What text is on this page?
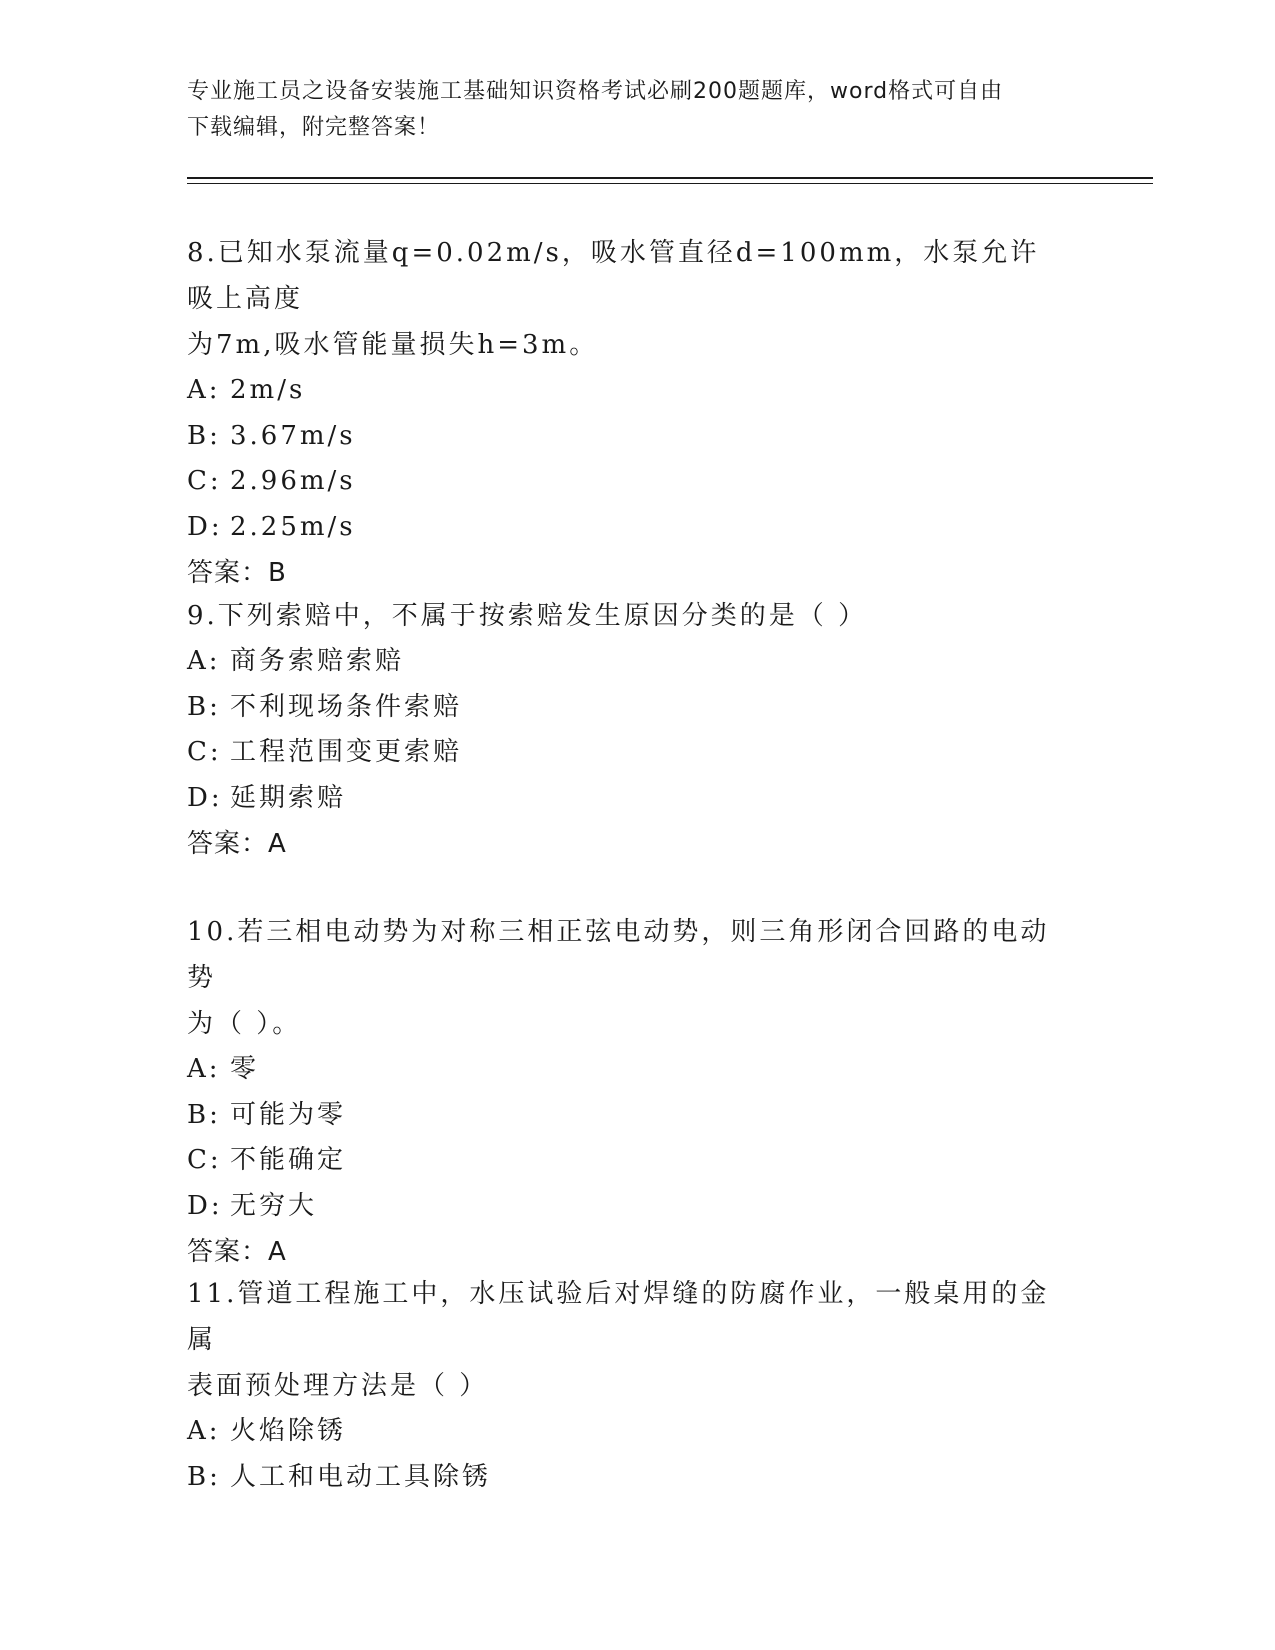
专业施工员之设备安装施工基础知识资格考试必刷200题题库，word格式可自由
下载编辑，附完整答案！
8.已知水泵流量q=0.02m/s，吸水管直径d=100mm，水泵允许吸上高度
为7m,吸水管能量损失h=3m。
A: 2m/s
B: 3.67m/s
C: 2.96m/s
D: 2.25m/s
答案：B
9.下列索赔中，不属于按索赔发生原因分类的是（ ）
A: 商务索赔索赔
B: 不利现场条件索赔
C: 工程范围变更索赔
D: 延期索赔
答案：A
10.若三相电动势为对称三相正弦电动势，则三角形闭合回路的电动势
为（ ）。
A: 零
B: 可能为零
C: 不能确定
D: 无穷大
答案：A
11.管道工程施工中，水压试验后对焊缝的防腐作业，一般桌用的金属
表面预处理方法是（ ）
A: 火焰除锈
B: 人工和电动工具除锈
